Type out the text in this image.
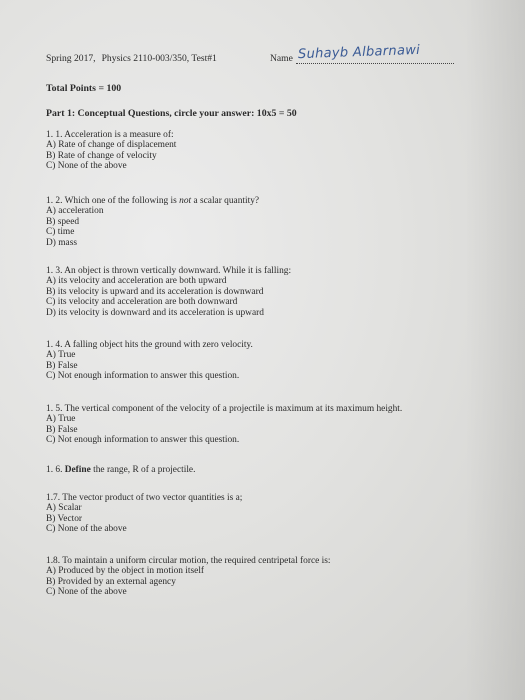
Spring 2017, Physics 2110-003/350, Test#1	Name Suhayb Albarnawi
Total Points = 100
Part 1: Conceptual Questions, circle your answer: 10x5 = 50
1. 1. Acceleration is a measure of:
A) Rate of change of displacement
B) Rate of change of velocity
C) None of the above
1. 2. Which one of the following is not a scalar quantity?
A) acceleration
B) speed
C) time
D) mass
1. 3. An object is thrown vertically downward. While it is falling:
A) its velocity and acceleration are both upward
B) its velocity is upward and its acceleration is downward
C) its velocity and acceleration are both downward
D) its velocity is downward and its acceleration is upward
1. 4. A falling object hits the ground with zero velocity.
A) True
B) False
C) Not enough information to answer this question.
1. 5. The vertical component of the velocity of a projectile is maximum at its maximum height.
A) True
B) False
C) Not enough information to answer this question.
1. 6. Define the range, R of a projectile.
1.7. The vector product of two vector quantities is a;
A) Scalar
B) Vector
C) None of the above
1.8. To maintain a uniform circular motion, the required centripetal force is:
A) Produced by the object in motion itself
B) Provided by an external agency
C) None of the above
